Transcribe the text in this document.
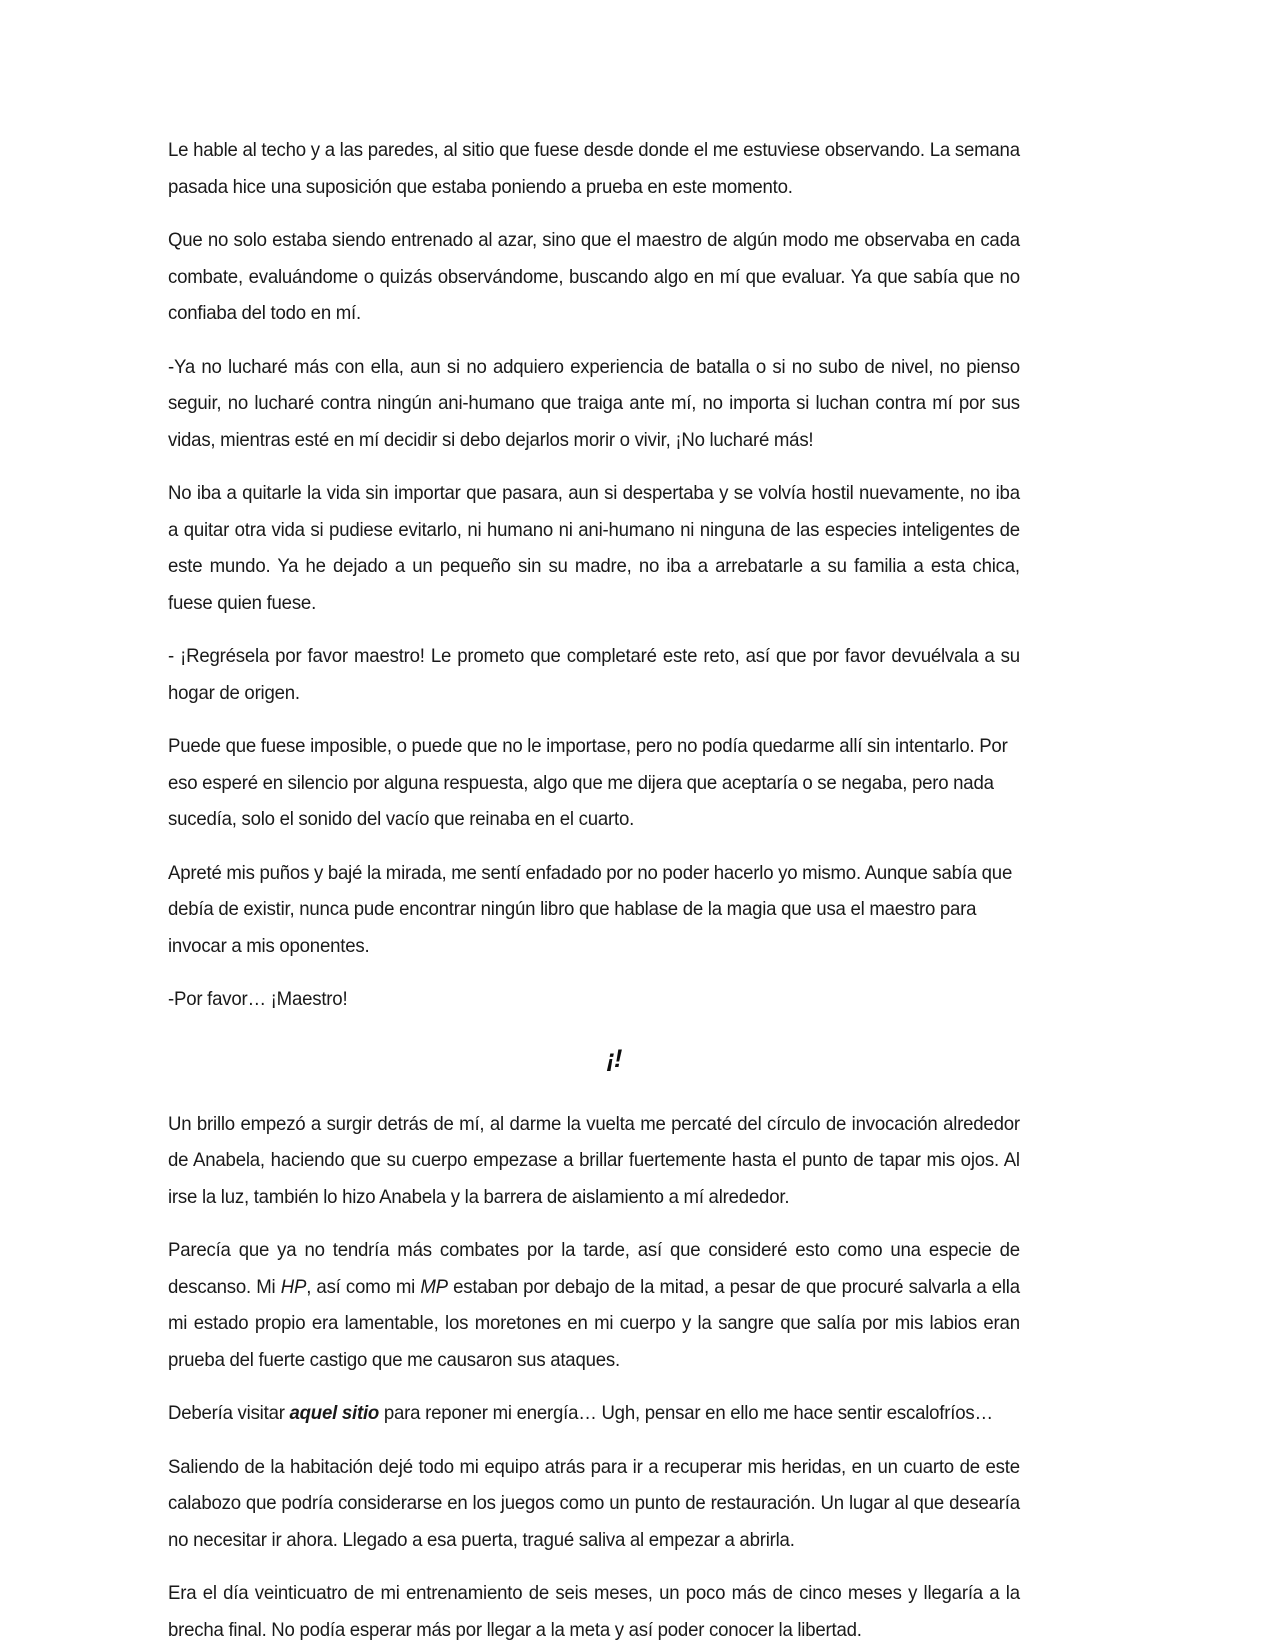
Le hable al techo y a las paredes, al sitio que fuese desde donde el me estuviese observando. La semana pasada hice una suposición que estaba poniendo a prueba en este momento.

Que no solo estaba siendo entrenado al azar, sino que el maestro de algún modo me observaba en cada combate, evaluándome o quizás observándome, buscando algo en mí que evaluar. Ya que sabía que no confiaba del todo en mí.

-Ya no lucharé más con ella, aun si no adquiero experiencia de batalla o si no subo de nivel, no pienso seguir, no lucharé contra ningún ani-humano que traiga ante mí, no importa si luchan contra mí por sus vidas, mientras esté en mí decidir si debo dejarlos morir o vivir, ¡No lucharé más!

No iba a quitarle la vida sin importar que pasara, aun si despertaba y se volvía hostil nuevamente, no iba a quitar otra vida si pudiese evitarlo, ni humano ni ani-humano ni ninguna de las especies inteligentes de este mundo. Ya he dejado a un pequeño sin su madre, no iba a arrebatarle a su familia a esta chica, fuese quien fuese.

- ¡Regrésela por favor maestro! Le prometo que completaré este reto, así que por favor devuélvala a su hogar de origen.

Puede que fuese imposible, o puede que no le importase, pero no podía quedarme allí sin intentarlo. Por eso esperé en silencio por alguna respuesta, algo que me dijera que aceptaría o se negaba, pero nada sucedía, solo el sonido del vacío que reinaba en el cuarto.

Apreté mis puños y bajé la mirada, me sentí enfadado por no poder hacerlo yo mismo. Aunque sabía que debía de existir, nunca pude encontrar ningún libro que hablase de la magia que usa el maestro para invocar a mis oponentes.

-Por favor… ¡Maestro!

¡!

Un brillo empezó a surgir detrás de mí, al darme la vuelta me percaté del círculo de invocación alrededor de Anabela, haciendo que su cuerpo empezase a brillar fuertemente hasta el punto de tapar mis ojos. Al irse la luz, también lo hizo Anabela y la barrera de aislamiento a mí alrededor.

Parecía que ya no tendría más combates por la tarde, así que consideré esto como una especie de descanso. Mi HP, así como mi MP estaban por debajo de la mitad, a pesar de que procuré salvarla a ella mi estado propio era lamentable, los moretones en mi cuerpo y la sangre que salía por mis labios eran prueba del fuerte castigo que me causaron sus ataques.

Debería visitar aquel sitio para reponer mi energía… Ugh, pensar en ello me hace sentir escalofríos…

Saliendo de la habitación dejé todo mi equipo atrás para ir a recuperar mis heridas, en un cuarto de este calabozo que podría considerarse en los juegos como un punto de restauración. Un lugar al que desearía no necesitar ir ahora. Llegado a esa puerta, tragué saliva al empezar a abrirla.

Era el día veinticuatro de mi entrenamiento de seis meses, un poco más de cinco meses y llegaría a la brecha final. No podía esperar más por llegar a la meta y así poder conocer la libertad.
